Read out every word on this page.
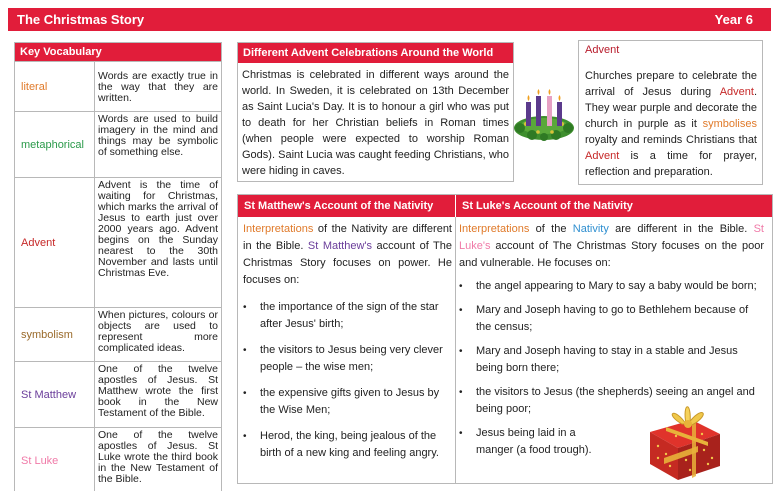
The Christmas Story	Year 6
Key Vocabulary
literal
Words are exactly true in the way that they are written.
metaphorical
Words are used to build imagery in the mind and things may be symbolic of something else.
Advent
Advent is the time of waiting for Christmas, which marks the arrival of Jesus to earth just over 2000 years ago. Advent begins on the Sunday nearest to the 30th November and lasts until Christmas Eve.
symbolism
When pictures, colours or objects are used to represent more complicated ideas.
St Matthew
One of the twelve apostles of Jesus. St Matthew wrote the first book in the New Testament of the Bible.
St Luke
One of the twelve apostles of Jesus. St Luke wrote the third book in the New Testament of the Bible.
Different Advent Celebrations Around the World
Christmas is celebrated in different ways around the world. In Sweden, it is celebrated on 13th December as Saint Lucia's Day. It is to honour a girl who was put to death for her Christian beliefs in Roman times (when people were expected to worship Roman Gods). Saint Lucia was caught feeding Christians, who were hiding in caves.
Advent
Churches prepare to celebrate the arrival of Jesus during Advent. They wear purple and decorate the church in purple as it symbolises royalty and reminds Christians that Advent is a time for prayer, reflection and preparation.
St Matthew's Account of the Nativity	St Luke's Account of the Nativity
Interpretations of the Nativity are different in the Bible. St Matthew's account of The Christmas Story focuses on power. He focuses on:
• the importance of the sign of the star after Jesus' birth;
• the visitors to Jesus being very clever people – the wise men;
• the expensive gifts given to Jesus by the Wise Men;
• Herod, the king, being jealous of the birth of a new king and feeling angry.
Interpretations of the Nativity are different in the Bible. St Luke's account of The Christmas Story focuses on the poor and vulnerable. He focuses on:
• the angel appearing to Mary to say a baby would be born;
• Mary and Joseph having to go to Bethlehem because of the census;
• Mary and Joseph having to stay in a stable and Jesus being born there;
• the visitors to Jesus (the shepherds) seeing an angel and being poor;
• Jesus being laid in a manger (a food trough).
